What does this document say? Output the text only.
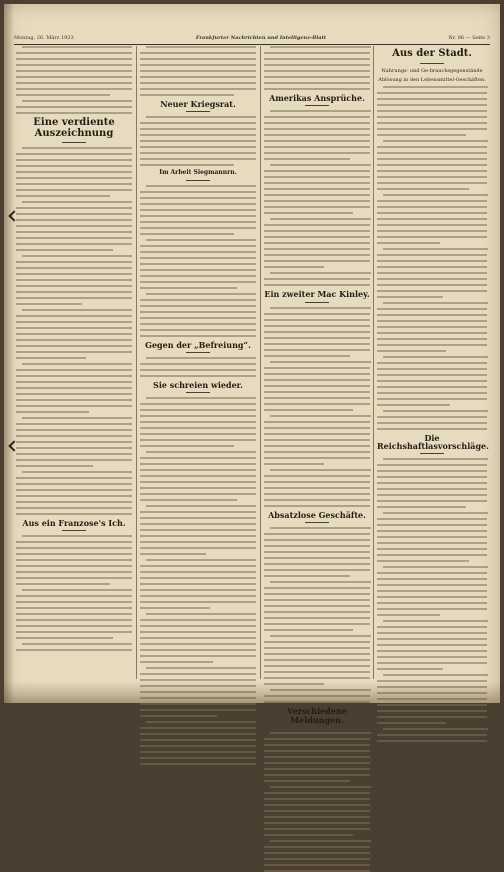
Montag, 26. März 1923	Frankfurter Nachrichten und Intelligenz-Blatt	Nr. 86 — Seite 3
Eine verdiente Auszeichnung
Aus ein Franzose's Ich.
Neuer Kriegsrat.
Im Arbeit Siegmannrn.
Gegen der „Befreiung“.
Sie schreien wieder.
Amerikas Ansprüche.
Ein zweiter Mac Kinley.
Absatzlose Geschäfte.
Verschiedene Meldungen.
Aus der Stadt.
Nahrungs- und Ge-brauchsgegenstände
Ablösung in den Lebensmittel-Geschäften.
Die Reichshaftlasvorschläge.
